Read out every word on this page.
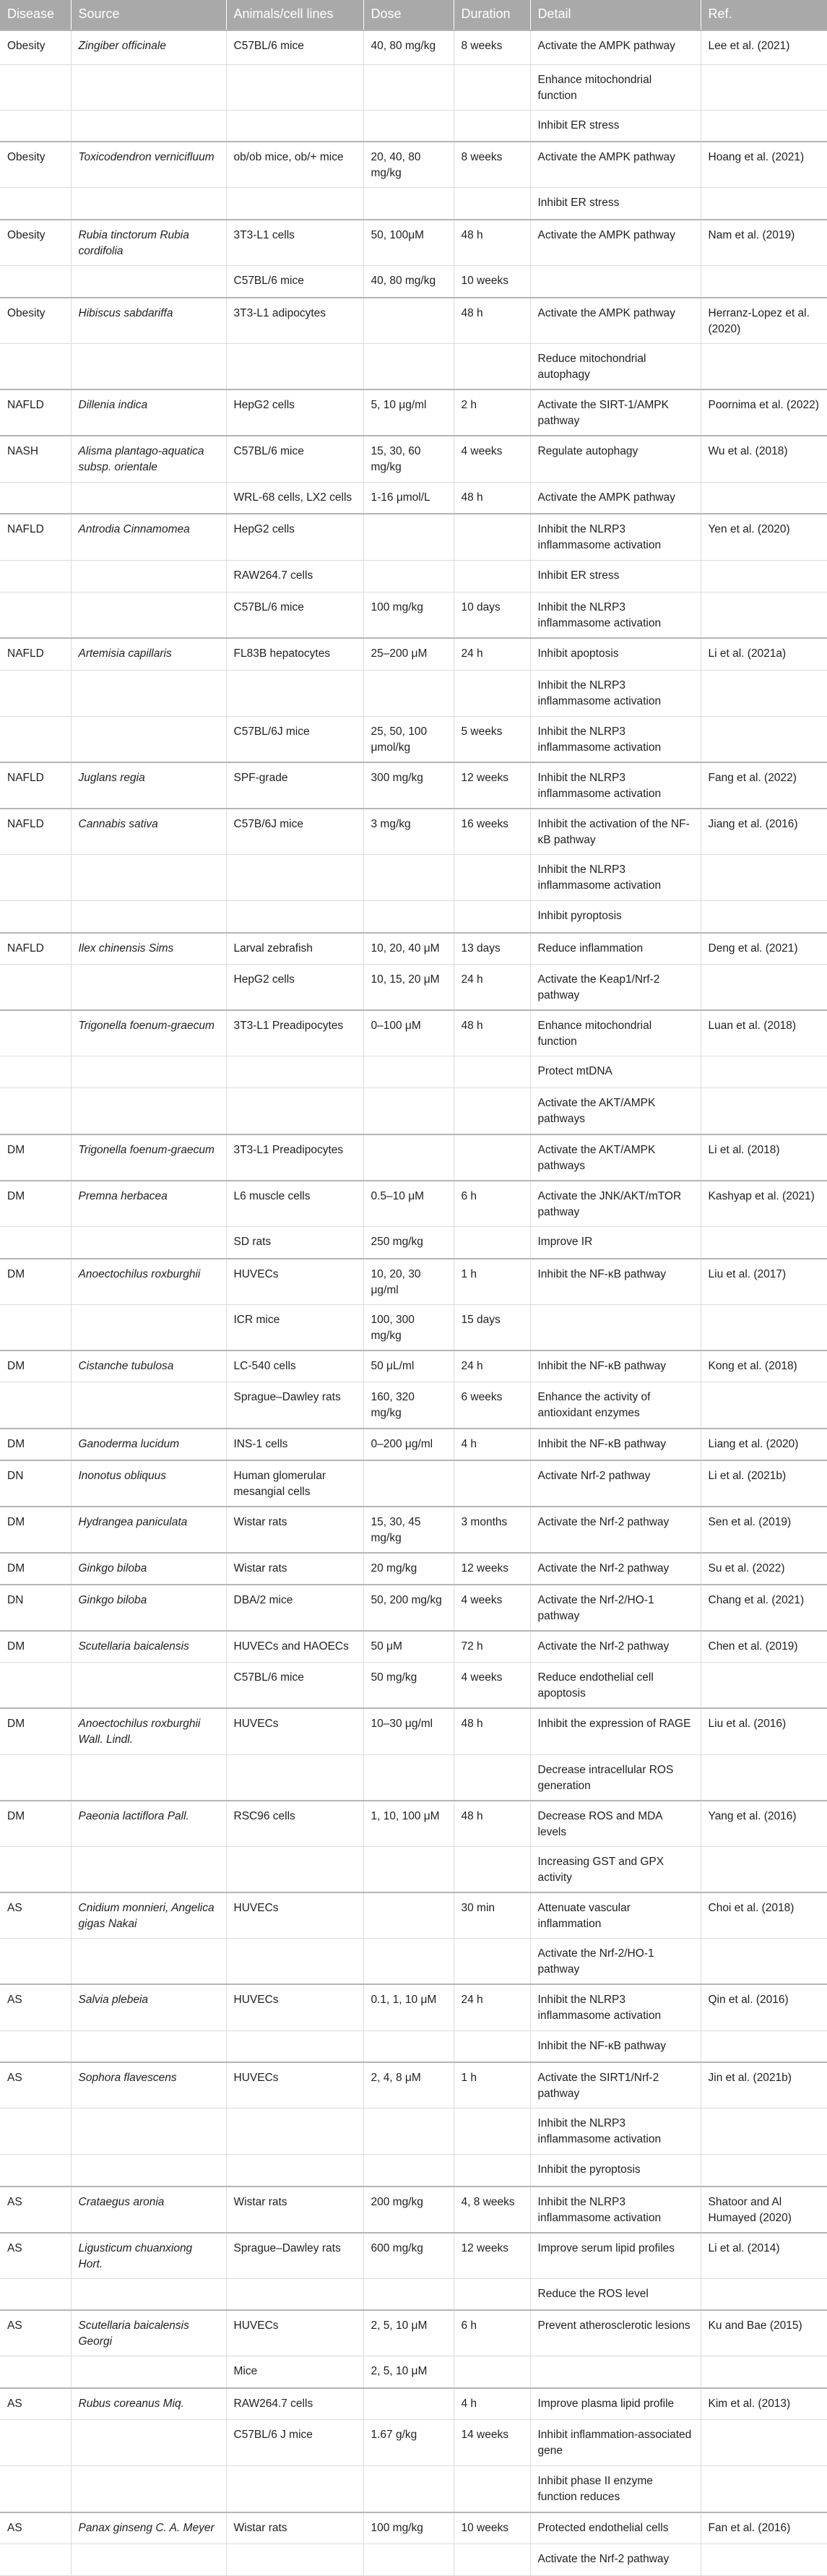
Disease	Source	Animals/cell lines	Dose	Duration	Detail	Ref.
Obesity	Zingiber officinale	C57BL/6 mice	40, 80 mg/kg	8 weeks	Activate the AMPK pathway	Lee et al. (2021)
					Enhance mitochondrial function	
					Inhibit ER stress	
Obesity	Toxicodendron vernicifluum	ob/ob mice, ob/+ mice	20, 40, 80 mg/kg	8 weeks	Activate the AMPK pathway	Hoang et al. (2021)
					Inhibit ER stress	
Obesity	Rubia tinctorum Rubia cordifolia	3T3-L1 cells	50, 100μM	48 h	Activate the AMPK pathway	Nam et al. (2019)
		C57BL/6 mice	40, 80 mg/kg	10 weeks		
Obesity	Hibiscus sabdariffa	3T3-L1 adipocytes		48 h	Activate the AMPK pathway	Herranz-Lopez et al. (2020)
					Reduce mitochondrial autophagy	
NAFLD	Dillenia indica	HepG2 cells	5, 10 μg/ml	2 h	Activate the SIRT-1/AMPK pathway	Poornima et al. (2022)
NASH	Alisma plantago-aquatica subsp. orientale	C57BL/6 mice	15, 30, 60 mg/kg	4 weeks	Regulate autophagy	Wu et al. (2018)
		WRL-68 cells, LX2 cells	1-16 μmol/L	48 h	Activate the AMPK pathway	
NAFLD	Antrodia Cinnamomea	HepG2 cells			Inhibit the NLRP3 inflammasome activation	Yen et al. (2020)
		RAW264.7 cells			Inhibit ER stress	
		C57BL/6 mice	100 mg/kg	10 days	Inhibit the NLRP3 inflammasome activation	
NAFLD	Artemisia capillaris	FL83B hepatocytes	25–200 μM	24 h	Inhibit apoptosis	Li et al. (2021a)
					Inhibit the NLRP3 inflammasome activation	
		C57BL/6J mice	25, 50, 100 μmol/kg	5 weeks	Inhibit the NLRP3 inflammasome activation	
NAFLD	Juglans regia	SPF-grade	300 mg/kg	12 weeks	Inhibit the NLRP3 inflammasome activation	Fang et al. (2022)
NAFLD	Cannabis sativa	C57B/6J mice	3 mg/kg	16 weeks	Inhibit the activation of the NF-κB pathway	Jiang et al. (2016)
					Inhibit the NLRP3 inflammasome activation	
					Inhibit pyroptosis	
NAFLD	Ilex chinensis Sims	Larval zebrafish	10, 20, 40 μM	13 days	Reduce inflammation	Deng et al. (2021)
		HepG2 cells	10, 15, 20 μM	24 h	Activate the Keap1/Nrf-2 pathway	
	Trigonella foenum-graecum	3T3-L1 Preadipocytes	0–100 μM	48 h	Enhance mitochondrial function	Luan et al. (2018)
					Protect mtDNA	
					Activate the AKT/AMPK pathways	
DM	Trigonella foenum-graecum	3T3-L1 Preadipocytes			Activate the AKT/AMPK pathways	Li et al. (2018)
DM	Premna herbacea	L6 muscle cells	0.5–10 μM	6 h	Activate the JNK/AKT/mTOR pathway	Kashyap et al. (2021)
		SD rats	250 mg/kg		Improve IR	
DM	Anoectochilus roxburghii	HUVECs	10, 20, 30 μg/ml	1 h	Inhibit the NF-κB pathway	Liu et al. (2017)
		ICR mice	100, 300 mg/kg	15 days		
DM	Cistanche tubulosa	LC-540 cells	50 μL/ml	24 h	Inhibit the NF-κB pathway	Kong et al. (2018)
		Sprague–Dawley rats	160, 320 mg/kg	6 weeks	Enhance the activity of antioxidant enzymes	
DM	Ganoderma lucidum	INS-1 cells	0–200 μg/ml	4 h	Inhibit the NF-κB pathway	Liang et al. (2020)
DN	Inonotus obliquus	Human glomerular mesangial cells			Activate Nrf-2 pathway	Li et al. (2021b)
DM	Hydrangea paniculata	Wistar rats	15, 30, 45 mg/kg	3 months	Activate the Nrf-2 pathway	Sen et al. (2019)
DM	Ginkgo biloba	Wistar rats	20 mg/kg	12 weeks	Activate the Nrf-2 pathway	Su et al. (2022)
DN	Ginkgo biloba	DBA/2 mice	50, 200 mg/kg	4 weeks	Activate the Nrf-2/HO-1 pathway	Chang et al. (2021)
DM	Scutellaria baicalensis	HUVECs and HAOECs	50 μM	72 h	Activate the Nrf-2 pathway	Chen et al. (2019)
		C57BL/6 mice	50 mg/kg	4 weeks	Reduce endothelial cell apoptosis	
DM	Anoectochilus roxburghii Wall. Lindl.	HUVECs	10–30 μg/ml	48 h	Inhibit the expression of RAGE	Liu et al. (2016)
					Decrease intracellular ROS generation	
DM	Paeonia lactiflora Pall.	RSC96 cells	1, 10, 100 μM	48 h	Decrease ROS and MDA levels	Yang et al. (2016)
					Increasing GST and GPX activity	
AS	Cnidium monnieri, Angelica gigas Nakai	HUVECs		30 min	Attenuate vascular inflammation	Choi et al. (2018)
					Activate the Nrf-2/HO-1 pathway	
AS	Salvia plebeia	HUVECs	0.1, 1, 10 μM	24 h	Inhibit the NLRP3 inflammasome activation	Qin et al. (2016)
					Inhibit the NF-κB pathway	
AS	Sophora flavescens	HUVECs	2, 4, 8 μM	1 h	Activate the SIRT1/Nrf-2 pathway	Jin et al. (2021b)
					Inhibit the NLRP3 inflammasome activation	
					Inhibit the pyroptosis	
AS	Crataegus aronia	Wistar rats	200 mg/kg	4, 8 weeks	Inhibit the NLRP3 inflammasome activation	Shatoor and Al Humayed (2020)
AS	Ligusticum chuanxiong Hort.	Sprague–Dawley rats	600 mg/kg	12 weeks	Improve serum lipid profiles	Li et al. (2014)
					Reduce the ROS level	
AS	Scutellaria baicalensis Georgi	HUVECs	2, 5, 10 μM	6 h	Prevent atherosclerotic lesions	Ku and Bae (2015)
		Mice	2, 5, 10 μM			
AS	Rubus coreanus Miq.	RAW264.7 cells		4 h	Improve plasma lipid profile	Kim et al. (2013)
		C57BL/6 J mice	1.67 g/kg	14 weeks	Inhibit inflammation-associated gene	
					Inhibit phase II enzyme function reduces	
AS	Panax ginseng C. A. Meyer	Wistar rats	100 mg/kg	10 weeks	Protected endothelial cells	Fan et al. (2016)
					Activate the Nrf-2 pathway	
